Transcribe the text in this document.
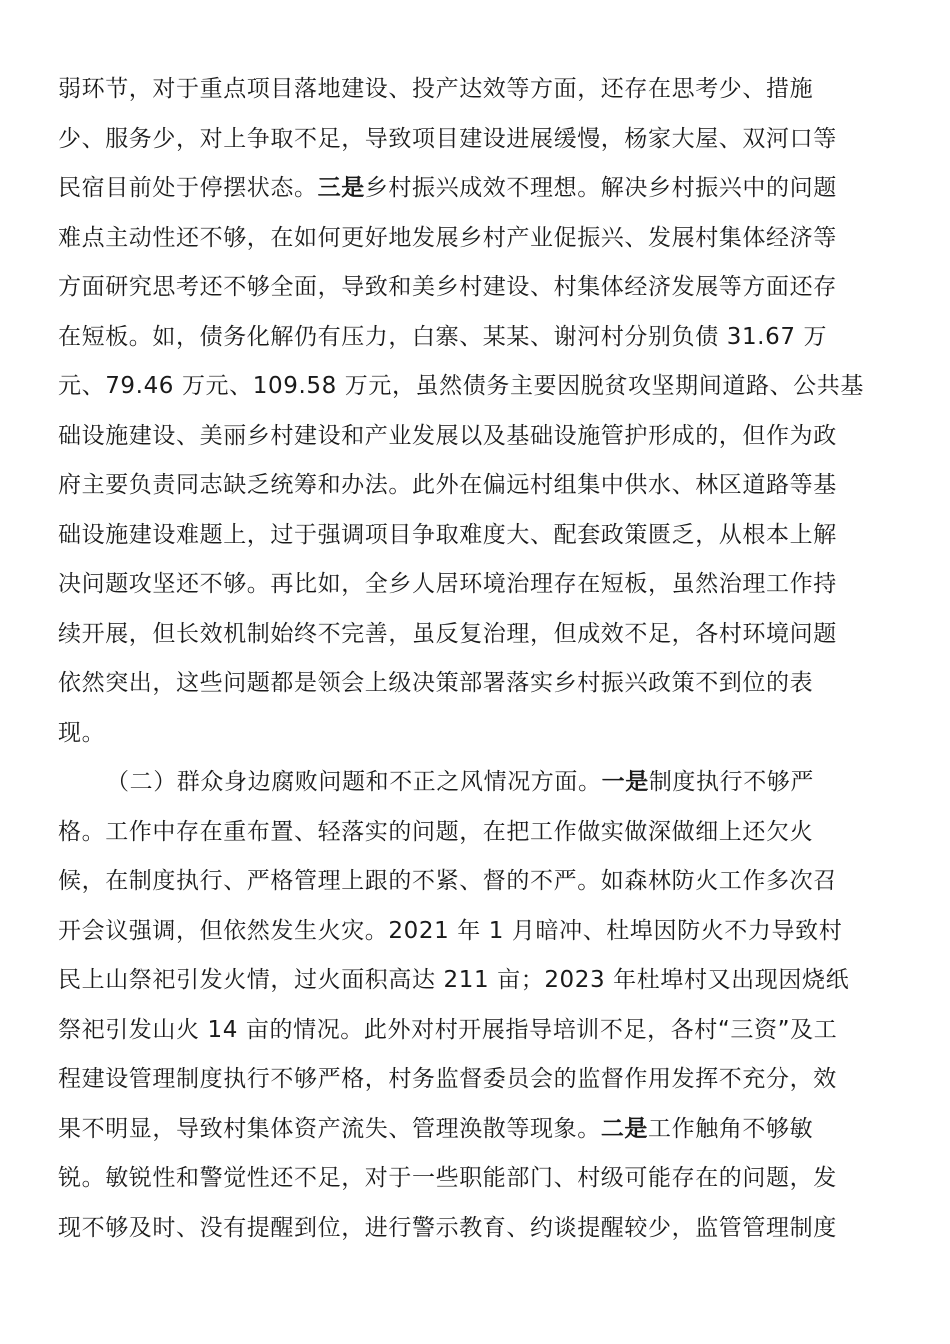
弱环节，对于重点项目落地建设、投产达效等方面，还存在思考少、措施
少、服务少，对上争取不足，导致项目建设进展缓慢，杨家大屋、双河口等
民宿目前处于停摆状态。三是乡村振兴成效不理想。解决乡村振兴中的问题
难点主动性还不够，在如何更好地发展乡村产业促振兴、发展村集体经济等
方面研究思考还不够全面，导致和美乡村建设、村集体经济发展等方面还存
在短板。如，债务化解仍有压力，白寨、某某、谢河村分别负债 31.67 万
元、79.46 万元、109.58 万元，虽然债务主要因脱贫攻坚期间道路、公共基
础设施建设、美丽乡村建设和产业发展以及基础设施管护形成的，但作为政
府主要负责同志缺乏统筹和办法。此外在偏远村组集中供水、林区道路等基
础设施建设难题上，过于强调项目争取难度大、配套政策匮乏，从根本上解
决问题攻坚还不够。再比如，全乡人居环境治理存在短板，虽然治理工作持
续开展，但长效机制始终不完善，虽反复治理，但成效不足，各村环境问题
依然突出，这些问题都是领会上级决策部署落实乡村振兴政策不到位的表
现。
（二）群众身边腐败问题和不正之风情况方面。一是制度执行不够严
格。工作中存在重布置、轻落实的问题，在把工作做实做深做细上还欠火
候，在制度执行、严格管理上跟的不紧、督的不严。如森林防火工作多次召
开会议强调，但依然发生火灾。2021 年 1 月暗冲、杜埠因防火不力导致村
民上山祭祀引发火情，过火面积高达 211 亩；2023 年杜埠村又出现因烧纸
祭祀引发山火 14 亩的情况。此外对村开展指导培训不足，各村“三资”及工
程建设管理制度执行不够严格，村务监督委员会的监督作用发挥不充分，效
果不明显，导致村集体资产流失、管理涣散等现象。二是工作触角不够敏
锐。敏锐性和警觉性还不足，对于一些职能部门、村级可能存在的问题，发
现不够及时、没有提醒到位，进行警示教育、约谈提醒较少，监管管理制度
